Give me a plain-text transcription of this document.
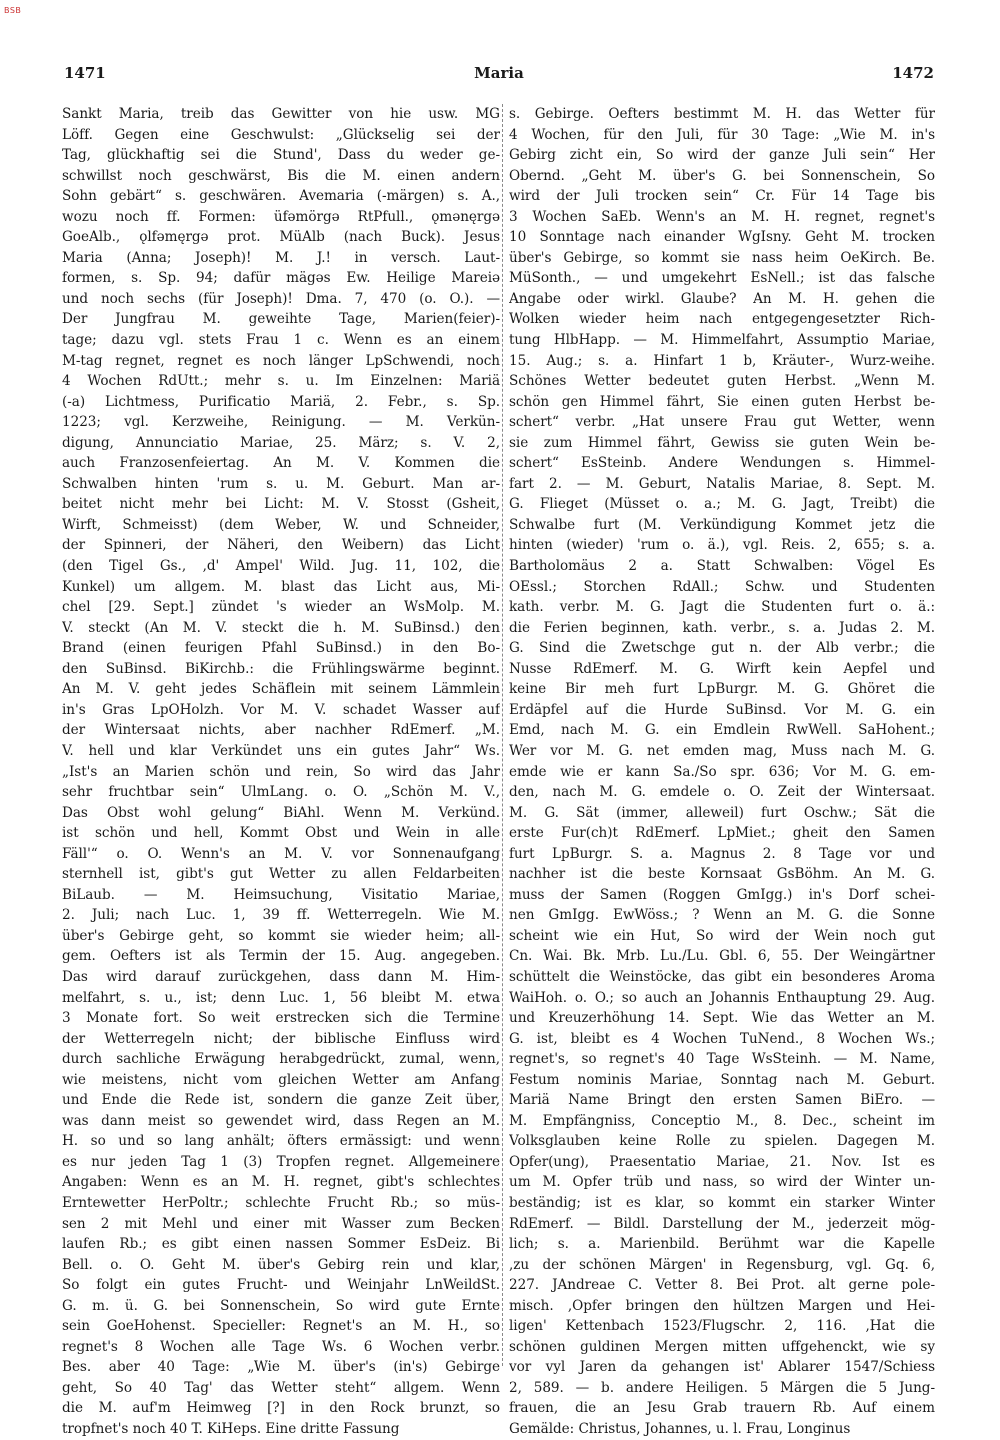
BSB
1471	Maria	1472
Sankt Maria, treib das Gewitter von hie usw. MG
Löff. Gegen eine Geschwulst: „Glückselig sei der
Tag, glückhaftig sei die Stund', Dass du weder ge-
schwillst noch geschwärst, Bis die M. einen andern
Sohn gebärt“ s. geschwären. Avemaria (-märgen) s. A.,
wozu noch ff. Formen: üfəmörgə RtPfull., ǫmənęrgə
GoeAlb., ǫlfəmęrgə prot. MüAlb (nach Buck). Jesus
Maria (Anna; Joseph)! M. J.! in versch. Laut-
formen, s. Sp. 94; dafür mägəs Ew. Heilige Mareiə
und noch sechs (für Joseph)! Dma. 7, 470 (o. O.). —
Der Jungfrau M. geweihte Tage, Marien(feier)-
tage; dazu vgl. stets Frau 1 c. Wenn es an einem
M-tag regnet, regnet es noch länger LpSchwendi, noch
4 Wochen RdUtt.; mehr s. u. Im Einzelnen: Mariä
(-a) Lichtmess, Purificatio Mariä, 2. Febr., s. Sp.
1223; vgl. Kerzweihe, Reinigung. — M. Verkün-
digung, Annunciatio Mariae, 25. März; s. V. 2,
auch Franzosenfeiertag. An M. V. Kommen die
Schwalben hinten 'rum s. u. M. Geburt. Man ar-
beitet nicht mehr bei Licht: M. V. Stosst (Gsheit,
Wirft, Schmeisst) (dem Weber, W. und Schneider,
der Spinneri, der Näheri, den Weibern) das Licht
(den Tigel Gs., ,d' Ampel' Wild. Jug. 11, 102, die
Kunkel) um allgem. M. blast das Licht aus, Mi-
chel [29. Sept.] zündet 's wieder an WsMolp. M.
V. steckt (An M. V. steckt die h. M. SuBinsd.) den
Brand (einen feurigen Pfahl SuBinsd.) in den Bo-
den SuBinsd. BiKirchb.: die Frühlingswärme beginnt.
An M. V. geht jedes Schäflein mit seinem Lämmlein
in's Gras LpOHolzh. Vor M. V. schadet Wasser auf
der Wintersaat nichts, aber nachher RdEmerf. „M.
V. hell und klar Verkündet uns ein gutes Jahr“ Ws.
„Ist's an Marien schön und rein, So wird das Jahr
sehr fruchtbar sein“ UlmLang. o. O. „Schön M. V.,
Das Obst wohl gelung“ BiAhl. Wenn M. Verkünd.
ist schön und hell, Kommt Obst und Wein in alle
Fäll'“ o. O. Wenn's an M. V. vor Sonnenaufgang
sternhell ist, gibt's gut Wetter zu allen Feldarbeiten
BiLaub. — M. Heimsuchung, Visitatio Mariae,
2. Juli; nach Luc. 1, 39 ff. Wetterregeln. Wie M.
über's Gebirge geht, so kommt sie wieder heim; all-
gem. Oefters ist als Termin der 15. Aug. angegeben.
Das wird darauf zurückgehen, dass dann M. Him-
melfahrt, s. u., ist; denn Luc. 1, 56 bleibt M. etwa
3 Monate fort. So weit erstrecken sich die Termine
der Wetterregeln nicht; der biblische Einfluss wird
durch sachliche Erwägung herabgedrückt, zumal, wenn,
wie meistens, nicht vom gleichen Wetter am Anfang
und Ende die Rede ist, sondern die ganze Zeit über,
was dann meist so gewendet wird, dass Regen an M.
H. so und so lang anhält; öfters ermässigt: und wenn
es nur jeden Tag 1 (3) Tropfen regnet. Allgemeinere
Angaben: Wenn es an M. H. regnet, gibt's schlechtes
Erntewetter HerPoltr.; schlechte Frucht Rb.; so müs-
sen 2 mit Mehl und einer mit Wasser zum Becken
laufen Rb.; es gibt einen nassen Sommer EsDeiz. Bi
Bell. o. O. Geht M. über's Gebirg rein und klar,
So folgt ein gutes Frucht- und Weinjahr LnWeildSt.
G. m. ü. G. bei Sonnenschein, So wird gute Ernte
sein GoeHohenst. Specieller: Regnet's an M. H., so
regnet's 8 Wochen alle Tage Ws. 6 Wochen verbr.
Bes. aber 40 Tage: „Wie M. über's (in's) Gebirge
geht, So 40 Tag' das Wetter steht“ allgem. Wenn
die M. auf'm Heimweg [?] in den Rock brunzt, so
tropfnet's noch 40 T. KiHeps. Eine dritte Fassung
s. Gebirge. Oefters bestimmt M. H. das Wetter für
4 Wochen, für den Juli, für 30 Tage: „Wie M. in's
Gebirg zicht ein, So wird der ganze Juli sein“ Her
Obernd. „Geht M. über's G. bei Sonnenschein, So
wird der Juli trocken sein“ Cr. Für 14 Tage bis
3 Wochen SaEb. Wenn's an M. H. regnet, regnet's
10 Sonntage nach einander WgIsny. Geht M. trocken
über's Gebirge, so kommt sie nass heim OeKirch. Be.
MüSonth., — und umgekehrt EsNell.; ist das falsche
Angabe oder wirkl. Glaube? An M. H. gehen die
Wolken wieder heim nach entgegengesetzter Rich-
tung HlbHapp. — M. Himmelfahrt, Assumptio Mariae,
15. Aug.; s. a. Hinfart 1 b, Kräuter-, Wurz-weihe.
Schönes Wetter bedeutet guten Herbst. „Wenn M.
schön gen Himmel fährt, Sie einen guten Herbst be-
schert“ verbr. „Hat unsere Frau gut Wetter, wenn
sie zum Himmel fährt, Gewiss sie guten Wein be-
schert“ EsSteinb. Andere Wendungen s. Himmel-
fart 2. — M. Geburt, Natalis Mariae, 8. Sept. M.
G. Flieget (Müsset o. a.; M. G. Jagt, Treibt) die
Schwalbe furt (M. Verkündigung Kommet jetz die
hinten (wieder) 'rum o. ä.), vgl. Reis. 2, 655; s. a.
Bartholomäus 2 a. Statt Schwalben: Vögel Es
OEssl.; Storchen RdAll.; Schw. und Studenten
kath. verbr. M. G. Jagt die Studenten furt o. ä.:
die Ferien beginnen, kath. verbr., s. a. Judas 2. M.
G. Sind die Zwetschge gut n. der Alb verbr.; die
Nusse RdEmerf. M. G. Wirft kein Aepfel und
keine Bir meh furt LpBurgr. M. G. Ghöret die
Erdäpfel auf die Hurde SuBinsd. Vor M. G. ein
Emd, nach M. G. ein Emdlein RwWell. SaHohent.;
Wer vor M. G. net emden mag, Muss nach M. G.
emde wie er kann Sa./So spr. 636; Vor M. G. em-
den, nach M. G. emdele o. O. Zeit der Wintersaat.
M. G. Sät (immer, alleweil) furt Oschw.; Sät die
erste Fur(ch)t RdEmerf. LpMiet.; gheit den Samen
furt LpBurgr. S. a. Magnus 2. 8 Tage vor und
nachher ist die beste Kornsaat GsBöhm. An M. G.
muss der Samen (Roggen GmIgg.) in's Dorf schei-
nen GmIgg. EwWöss.; ? Wenn an M. G. die Sonne
scheint wie ein Hut, So wird der Wein noch gut
Cn. Wai. Bk. Mrb. Lu./Lu. Gbl. 6, 55. Der Weingärtner
schüttelt die Weinstöcke, das gibt ein besonderes Aroma
WaiHoh. o. O.; so auch an Johannis Enthauptung 29. Aug.
und Kreuzerhöhung 14. Sept. Wie das Wetter an M.
G. ist, bleibt es 4 Wochen TuNend., 8 Wochen Ws.;
regnet's, so regnet's 40 Tage WsSteinh. — M. Name,
Festum nominis Mariae, Sonntag nach M. Geburt.
Mariä Name Bringt den ersten Samen BiEro. —
M. Empfängniss, Conceptio M., 8. Dec., scheint im
Volksglauben keine Rolle zu spielen. Dagegen M.
Opfer(ung), Praesentatio Mariae, 21. Nov. Ist es
um M. Opfer trüb und nass, so wird der Winter un-
beständig; ist es klar, so kommt ein starker Winter
RdEmerf. — Bildl. Darstellung der M., jederzeit mög-
lich; s. a. Marienbild. Berühmt war die Kapelle
,zu der schönen Märgen' in Regensburg, vgl. Gq. 6,
227. JAndreae C. Vetter 8. Bei Prot. alt gerne pole-
misch. ,Opfer bringen den hültzen Margen und Hei-
ligen' Kettenbach 1523/Flugschr. 2, 116. ,Hat die
schönen guldinen Mergen mitten uffgehenckt, wie sy
vor vyl Jaren da gehangen ist' Ablarer 1547/Schiess
2, 589. — b. andere Heiligen. 5 Märgen die 5 Jung-
frauen, die an Jesu Grab trauern Rb. Auf einem
Gemälde: Christus, Johannes, u. l. Frau, Longinus
